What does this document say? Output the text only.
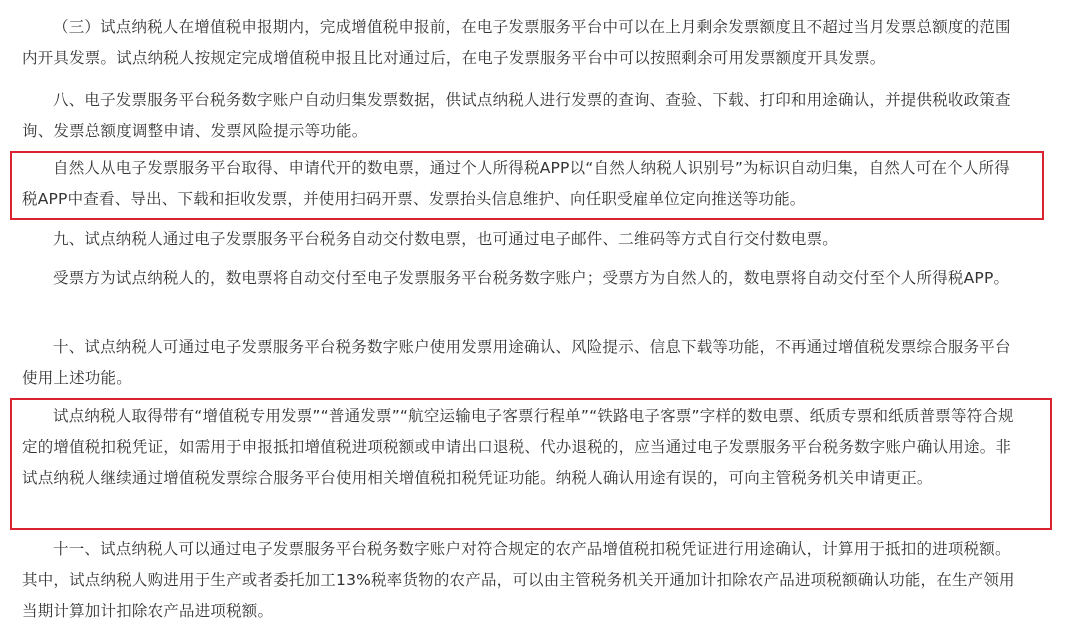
（三）试点纳税人在增值税申报期内，完成增值税申报前，在电子发票服务平台中可以在上月剩余发票额度且不超过当月发票总额度的范围内开具发票。试点纳税人按规定完成增值税申报且比对通过后，在电子发票服务平台中可以按照剩余可用发票额度开具发票。

八、电子发票服务平台税务数字账户自动归集发票数据，供试点纳税人进行发票的查询、查验、下载、打印和用途确认，并提供税收政策查询、发票总额度调整申请、发票风险提示等功能。

自然人从电子发票服务平台取得、申请代开的数电票，通过个人所得税APP以“自然人纳税人识别号”为标识自动归集，自然人可在个人所得税APP中查看、导出、下载和拒收发票，并使用扫码开票、发票抬头信息维护、向任职受雇单位定向推送等功能。

九、试点纳税人通过电子发票服务平台税务自动交付数电票，也可通过电子邮件、二维码等方式自行交付数电票。

受票方为试点纳税人的，数电票将自动交付至电子发票服务平台税务数字账户；受票方为自然人的，数电票将自动交付至个人所得税APP。

十、试点纳税人可通过电子发票服务平台税务数字账户使用发票用途确认、风险提示、信息下载等功能，不再通过增值税发票综合服务平台使用上述功能。

试点纳税人取得带有“增值税专用发票”“普通发票”“航空运输电子客票行程单”“铁路电子客票”字样的数电票、纸质专票和纸质普票等符合规定的增值税扣税凭证，如需用于申报抵扣增值税进项税额或申请出口退税、代办退税的，应当通过电子发票服务平台税务数字账户确认用途。非试点纳税人继续通过增值税发票综合服务平台使用相关增值税扣税凭证功能。纳税人确认用途有误的，可向主管税务机关申请更正。

十一、试点纳税人可以通过电子发票服务平台税务数字账户对符合规定的农产品增值税扣税凭证进行用途确认，计算用于抵扣的进项税额。其中，试点纳税人购进用于生产或者委托加工13%税率货物的农产品，可以由主管税务机关开通加计扣除农产品进项税额确认功能，在生产领用当期计算加计扣除农产品进项税额。
